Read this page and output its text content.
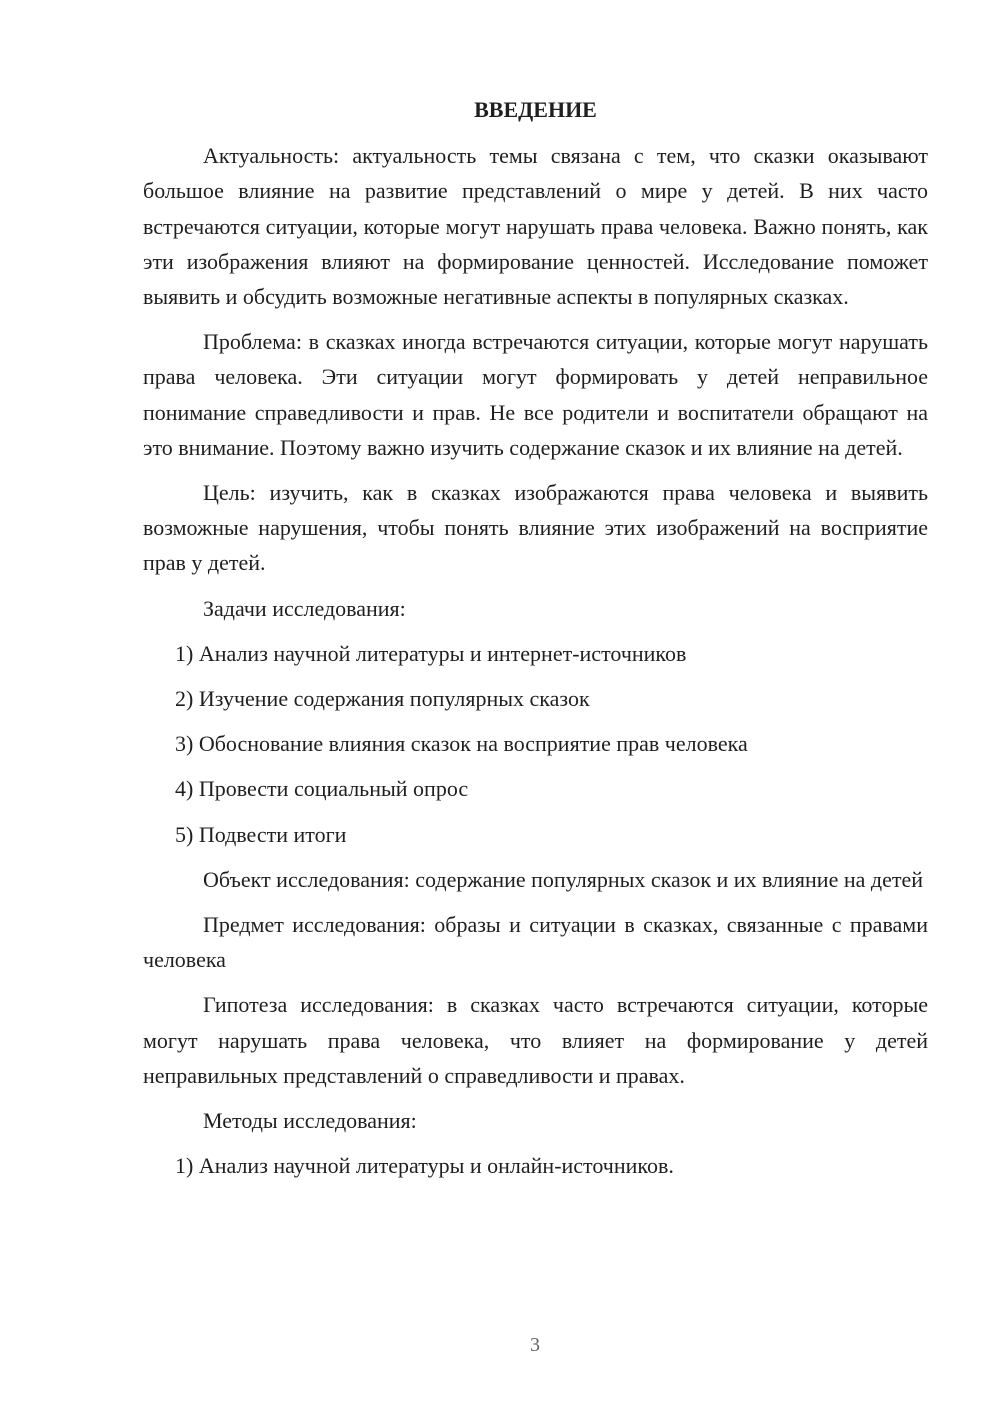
ВВЕДЕНИЕ

Актуальность: актуальность темы связана с тем, что сказки оказывают большое влияние на развитие представлений о мире у детей. В них часто встречаются ситуации, которые могут нарушать права человека. Важно понять, как эти изображения влияют на формирование ценностей. Исследование поможет выявить и обсудить возможные негативные аспекты в популярных сказках.

Проблема: в сказках иногда встречаются ситуации, которые могут нарушать права человека. Эти ситуации могут формировать у детей неправильное понимание справедливости и прав. Не все родители и воспитатели обращают на это внимание. Поэтому важно изучить содержание сказок и их влияние на детей.

Цель: изучить, как в сказках изображаются права человека и выявить возможные нарушения, чтобы понять влияние этих изображений на восприятие прав у детей.

Задачи исследования:

1) Анализ научной литературы и интернет-источников

2) Изучение содержания популярных сказок

3) Обоснование влияния сказок на восприятие прав человека

4) Провести социальный опрос

5) Подвести итоги

Объект исследования: содержание популярных сказок и их влияние на детей

Предмет исследования: образы и ситуации в сказках, связанные с правами человека

Гипотеза исследования: в сказках часто встречаются ситуации, которые могут нарушать права человека, что влияет на формирование у детей неправильных представлений о справедливости и правах.

Методы исследования:

1) Анализ научной литературы и онлайн-источников.

3
